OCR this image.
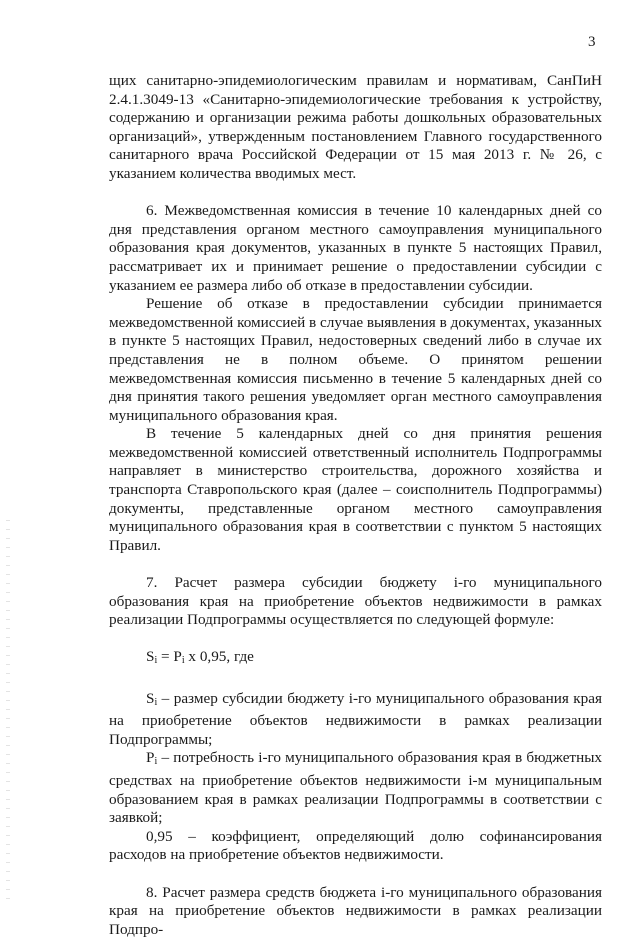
3

щих санитарно-эпидемиологическим правилам и нормативам, СанПиН 2.4.1.3049-13 «Санитарно-эпидемиологические требования к устройству, содержанию и организации режима работы дошкольных образовательных организаций», утвержденным постановлением Главного государственного санитарного врача Российской Федерации от 15 мая 2013 г. № 26, с указанием количества вводимых мест.

6. Межведомственная комиссия в течение 10 календарных дней со дня представления органом местного самоуправления муниципального образования края документов, указанных в пункте 5 настоящих Правил, рассматривает их и принимает решение о предоставлении субсидии с указанием ее размера либо об отказе в предоставлении субсидии.

Решение об отказе в предоставлении субсидии принимается межведомственной комиссией в случае выявления в документах, указанных в пункте 5 настоящих Правил, недостоверных сведений либо в случае их представления не в полном объеме. О принятом решении межведомственная комиссия письменно в течение 5 календарных дней со дня принятия такого решения уведомляет орган местного самоуправления муниципального образования края.

В течение 5 календарных дней со дня принятия решения межведомственной комиссией ответственный исполнитель Подпрограммы направляет в министерство строительства, дорожного хозяйства и транспорта Ставропольского края (далее – соисполнитель Подпрограммы) документы, представленные органом местного самоуправления муниципального образования края в соответствии с пунктом 5 настоящих Правил.

7. Расчет размера субсидии бюджету i-го муниципального образования края на приобретение объектов недвижимости в рамках реализации Подпрограммы осуществляется по следующей формуле:

$S_i = P_i$ x 0,95, где

$S_i$ – размер субсидии бюджету i-го муниципального образования края на приобретение объектов недвижимости в рамках реализации Подпрограммы;

$P_i$ – потребность i-го муниципального образования края в бюджетных средствах на приобретение объектов недвижимости i-м муниципальным образованием края в рамках реализации Подпрограммы в соответствии с заявкой;

0,95 – коэффициент, определяющий долю софинансирования расходов на приобретение объектов недвижимости.

8. Расчет размера средств бюджета i-го муниципального образования края на приобретение объектов недвижимости в рамках реализации Подпро-
